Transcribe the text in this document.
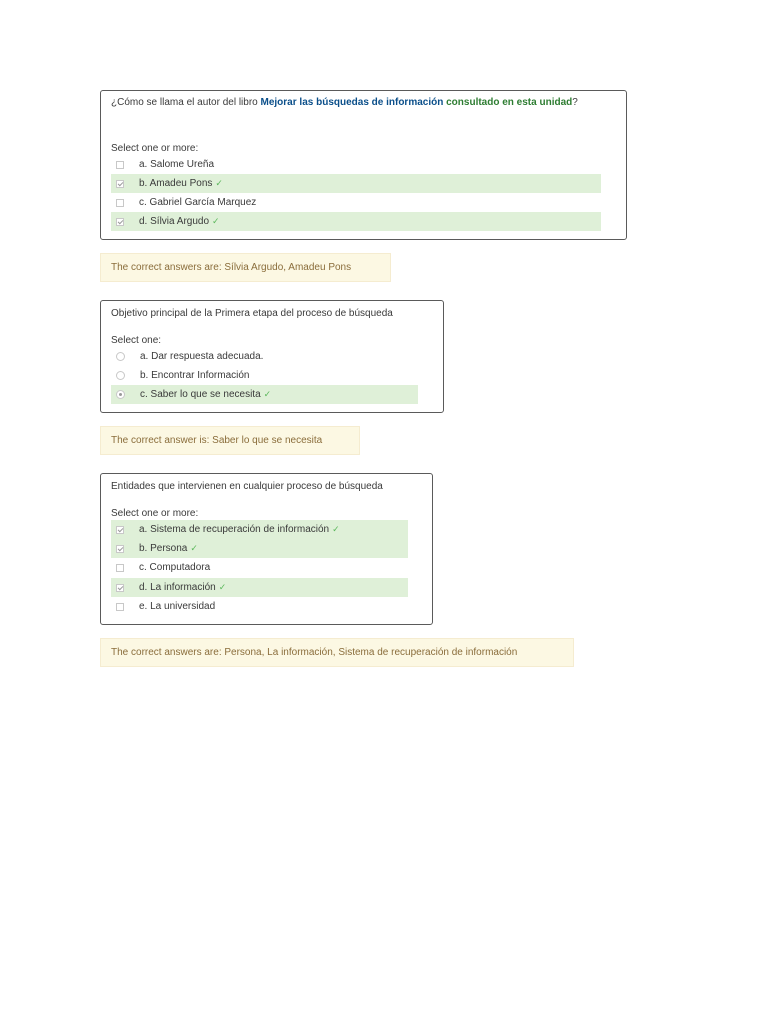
¿Cómo se llama el autor del libro Mejorar las búsquedas de información consultado en esta unidad?
Select one or more:
a. Salome Ureña
b. Amadeu Pons ✓
c. Gabriel García Marquez
d. Sílvia Argudo ✓
The correct answers are: Sílvia Argudo, Amadeu Pons
Objetivo principal de la Primera etapa del proceso de búsqueda
Select one:
a. Dar respuesta adecuada.
b. Encontrar Información
c. Saber lo que se necesita ✓
The correct answer is: Saber lo que se necesita
Entidades que intervienen en cualquier proceso de búsqueda
Select one or more:
a. Sistema de recuperación de información ✓
b. Persona ✓
c. Computadora
d. La información ✓
e. La universidad
The correct answers are: Persona, La información, Sistema de recuperación de información
